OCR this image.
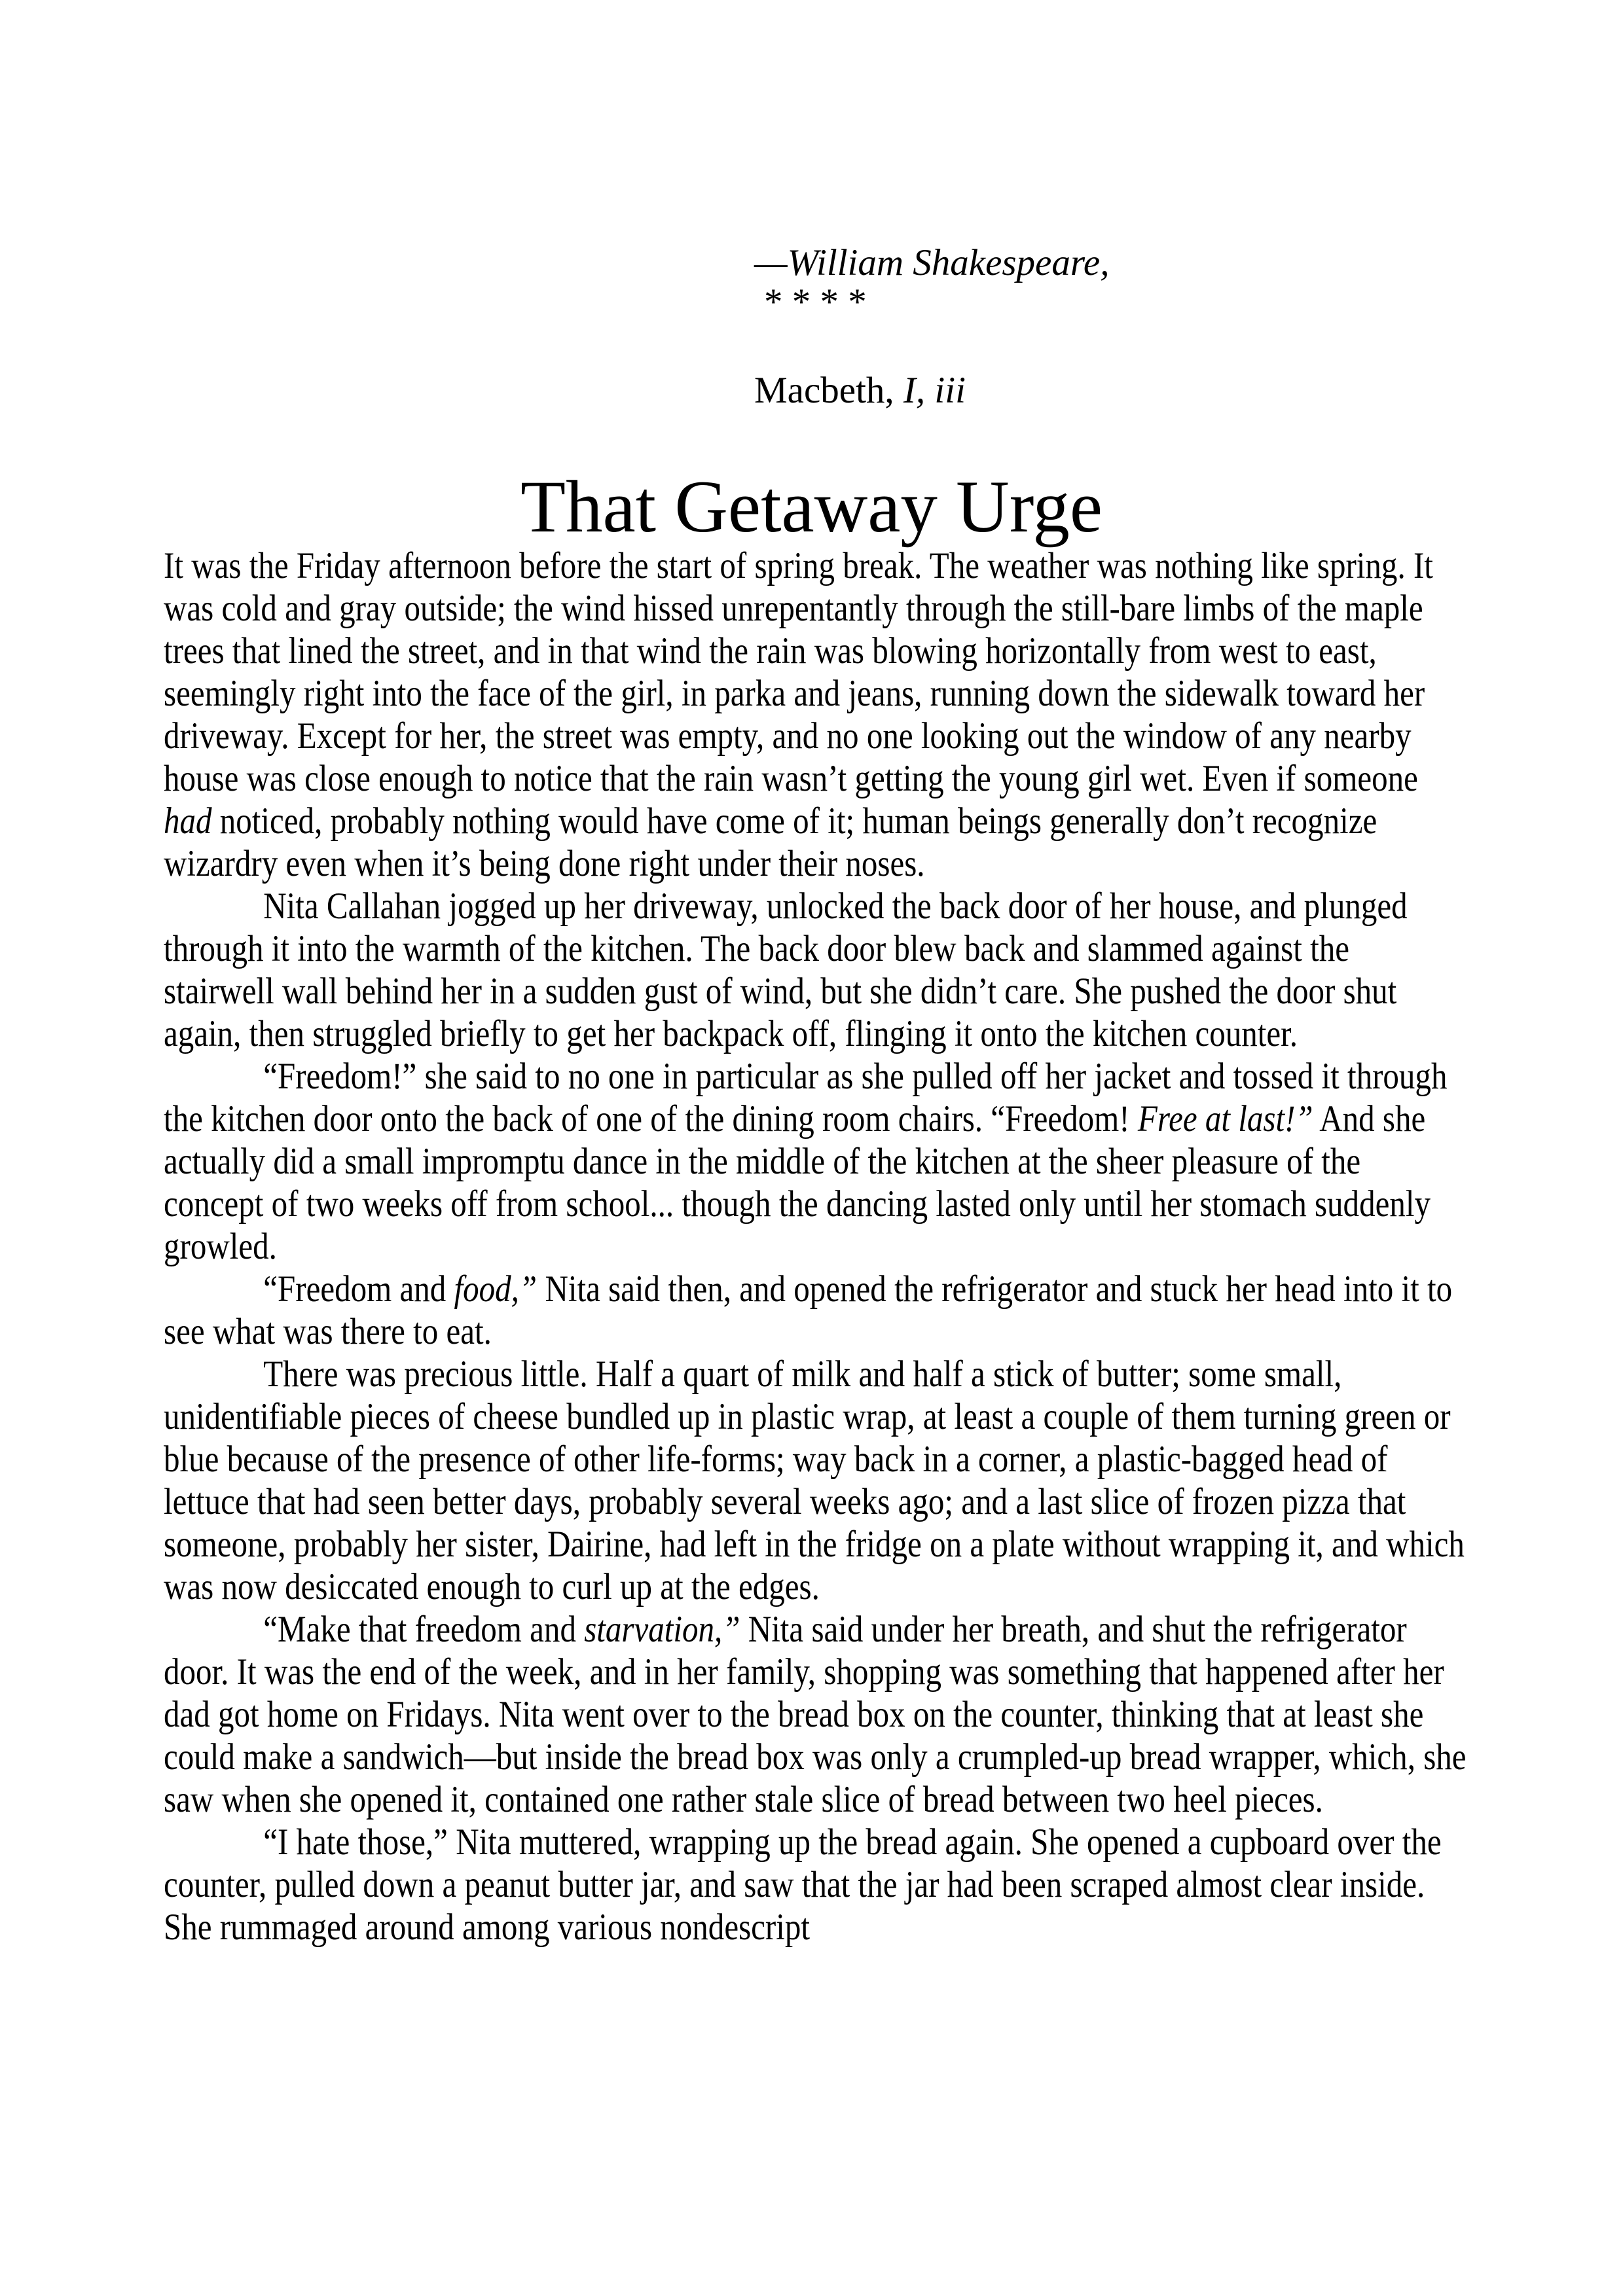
—William Shakespeare,

Macbeth, I, iii

* * * *
That Getaway Urge

It was the Friday afternoon before the start of spring break. The weather was nothing like spring. It was cold and gray outside; the wind hissed unrepentantly through the still-bare limbs of the maple trees that lined the street, and in that wind the rain was blowing horizontally from west to east, seemingly right into the face of the girl, in parka and jeans, running down the sidewalk toward her driveway. Except for her, the street was empty, and no one looking out the window of any nearby house was close enough to notice that the rain wasn’t getting the young girl wet. Even if someone had noticed, probably nothing would have come of it; human beings generally don’t recognize wizardry even when it’s being done right under their noses.

Nita Callahan jogged up her driveway, unlocked the back door of her house, and plunged through it into the warmth of the kitchen. The back door blew back and slammed against the stairwell wall behind her in a sudden gust of wind, but she didn’t care. She pushed the door shut again, then struggled briefly to get her backpack off, flinging it onto the kitchen counter.

“Freedom!” she said to no one in particular as she pulled off her jacket and tossed it through the kitchen door onto the back of one of the dining room chairs. “Freedom! Free at last!” And she actually did a small impromptu dance in the middle of the kitchen at the sheer pleasure of the concept of two weeks off from school... though the dancing lasted only until her stomach suddenly growled.

“Freedom and food,” Nita said then, and opened the refrigerator and stuck her head into it to see what was there to eat.

There was precious little. Half a quart of milk and half a stick of butter; some small, unidentifiable pieces of cheese bundled up in plastic wrap, at least a couple of them turning green or blue because of the presence of other life-forms; way back in a corner, a plastic-bagged head of lettuce that had seen better days, probably several weeks ago; and a last slice of frozen pizza that someone, probably her sister, Dairine, had left in the fridge on a plate without wrapping it, and which was now desiccated enough to curl up at the edges.

“Make that freedom and starvation,” Nita said under her breath, and shut the refrigerator door. It was the end of the week, and in her family, shopping was something that happened after her dad got home on Fridays. Nita went over to the bread box on the counter, thinking that at least she could make a sandwich—but inside the bread box was only a crumpled-up bread wrapper, which, she saw when she opened it, contained one rather stale slice of bread between two heel pieces.

“I hate those,” Nita muttered, wrapping up the bread again. She opened a cupboard over the counter, pulled down a peanut butter jar, and saw that the jar had been scraped almost clear inside. She rummaged around among various nondescript
